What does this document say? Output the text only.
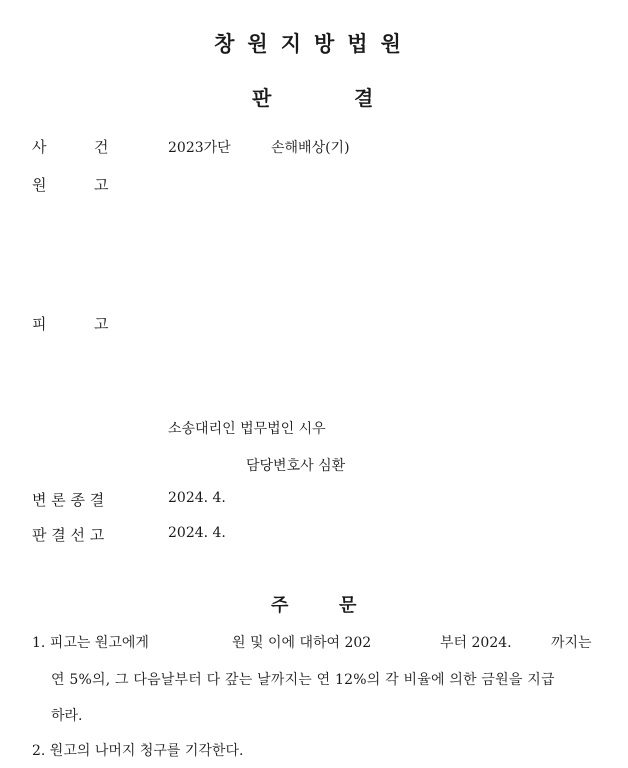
창원지방법원
판	결
사	건	2023가단	손해배상(기)
원	고
피	고
소송대리인 법무법인 시우
담당변호사 심환
변 론 종 결	2024. 4.
판 결 선 고	2024. 4.
주	문
1. 피고는 원고에게	원 및 이에 대하여 202	부터 2024.	까지는
연 5%의, 그 다음날부터 다 갚는 날까지는 연 12%의 각 비율에 의한 금원을 지급
하라.
2. 원고의 나머지 청구를 기각한다.
